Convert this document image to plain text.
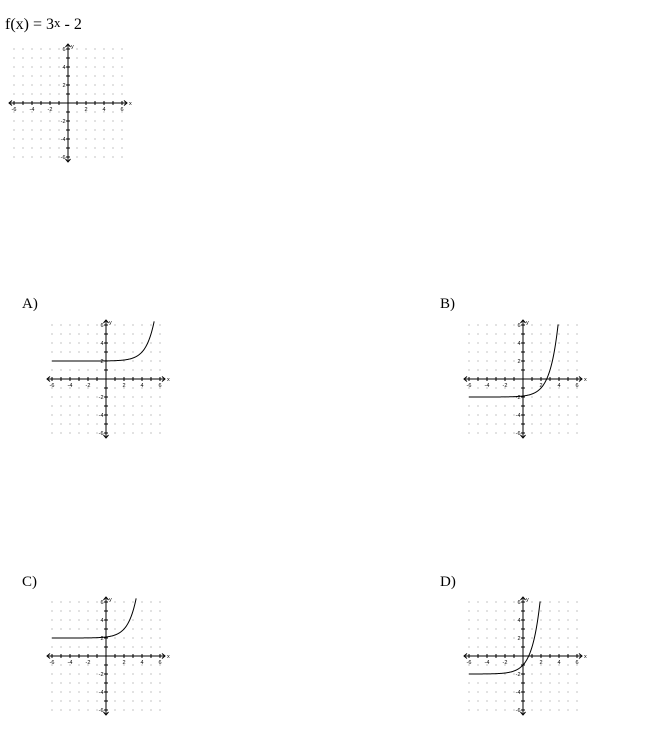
$f(x) = 3^x - 2$
-6
-6
-4
-4
-2
-2
2
2
4
4
6
6
x
y
A)
-6
-6
-4
-4
-2
-2
2
2
4
4
6
6
x
y
B)
-6
-6
-4
-4
-2
-2
2
2
4
4
6
6
x
y
C)
-6
-6
-4
-4
-2
-2
2
2
4
4
6
6
x
y
D)
-6
-6
-4
-4
-2
-2
2
2
4
4
6
6
x
y
